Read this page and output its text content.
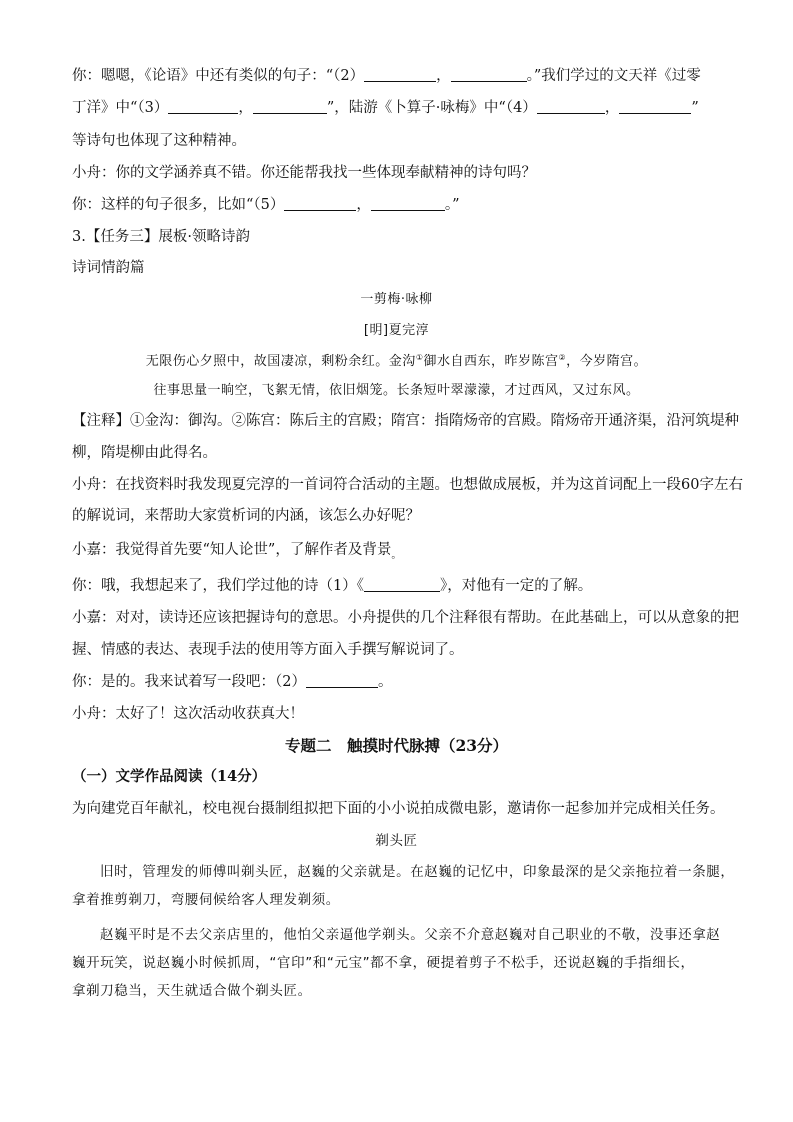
你：嗯嗯，《论语》中还有类似的句子：“（2）	，	。”我们学过的文天祥《过零
丁洋》中“（3）	，	”，陆游《卜算子·咏梅》中“（4）	，	”
等诗句也体现了这种精神。
小舟：你的文学涵养真不错。你还能帮我找一些体现奉献精神的诗句吗？
你：这样的句子很多，比如“（5）	，	。”
3.【任务三】展板·领略诗韵
诗词情韵篇
一剪梅·咏柳
[明]夏完淳
无限伤心夕照中，故国凄凉，剩粉余红。金沟①御水自西东，昨岁陈宫②，今岁隋宫。
往事思量一晌空，飞絮无情，依旧烟笼。长条短叶翠濛濛，才过西风，又过东风。
【注释】①金沟：御沟。②陈宫：陈后主的宫殿；隋宫：指隋炀帝的宫殿。隋炀帝开通济渠，沿河筑堤种
柳，隋堤柳由此得名。
小舟：在找资料时我发现夏完淳的一首词符合活动的主题。也想做成展板，并为这首词配上一段60字左右
的解说词，来帮助大家赏析词的内涵，该怎么办好呢？
小嘉：我觉得首先要“知人论世”，了解作者及背景$_。$
你：哦，我想起来了，我们学过他的诗（1）《	》，对他有一定的了解。
小嘉：对对，读诗还应该把握诗句的意思。小舟提供的几个注释很有帮助。在此基础上，可以从意象的把
握、情感的表达、表现手法的使用等方面入手撰写解说词了。
你：是的。我来试着写一段吧：（2）	。
小舟：太好了！这次活动收获真大！
专题二　触摸时代脉搏（23分）
（一）文学作品阅读（14分）
为向建党百年献礼，校电视台摄制组拟把下面的小小说拍成微电影，邀请你一起参加并完成相关任务。
剃头匠
旧时，管理发的师傅叫剃头匠，赵巍的父亲就是。在赵巍的记忆中，印象最深的是父亲拖拉着一条腿，
拿着推剪剃刀，弯腰伺候给客人理发剃须。
赵巍平时是不去父亲店里的，他怕父亲逼他学剃头。父亲不介意赵巍对自己职业的不敬，没事还拿赵
巍开玩笑，说赵巍小时候抓周，“官印”和“元宝”都不拿，硬提着剪子不松手，还说赵巍的手指细长，
拿剃刀稳当，天生就适合做个剃头匠。
